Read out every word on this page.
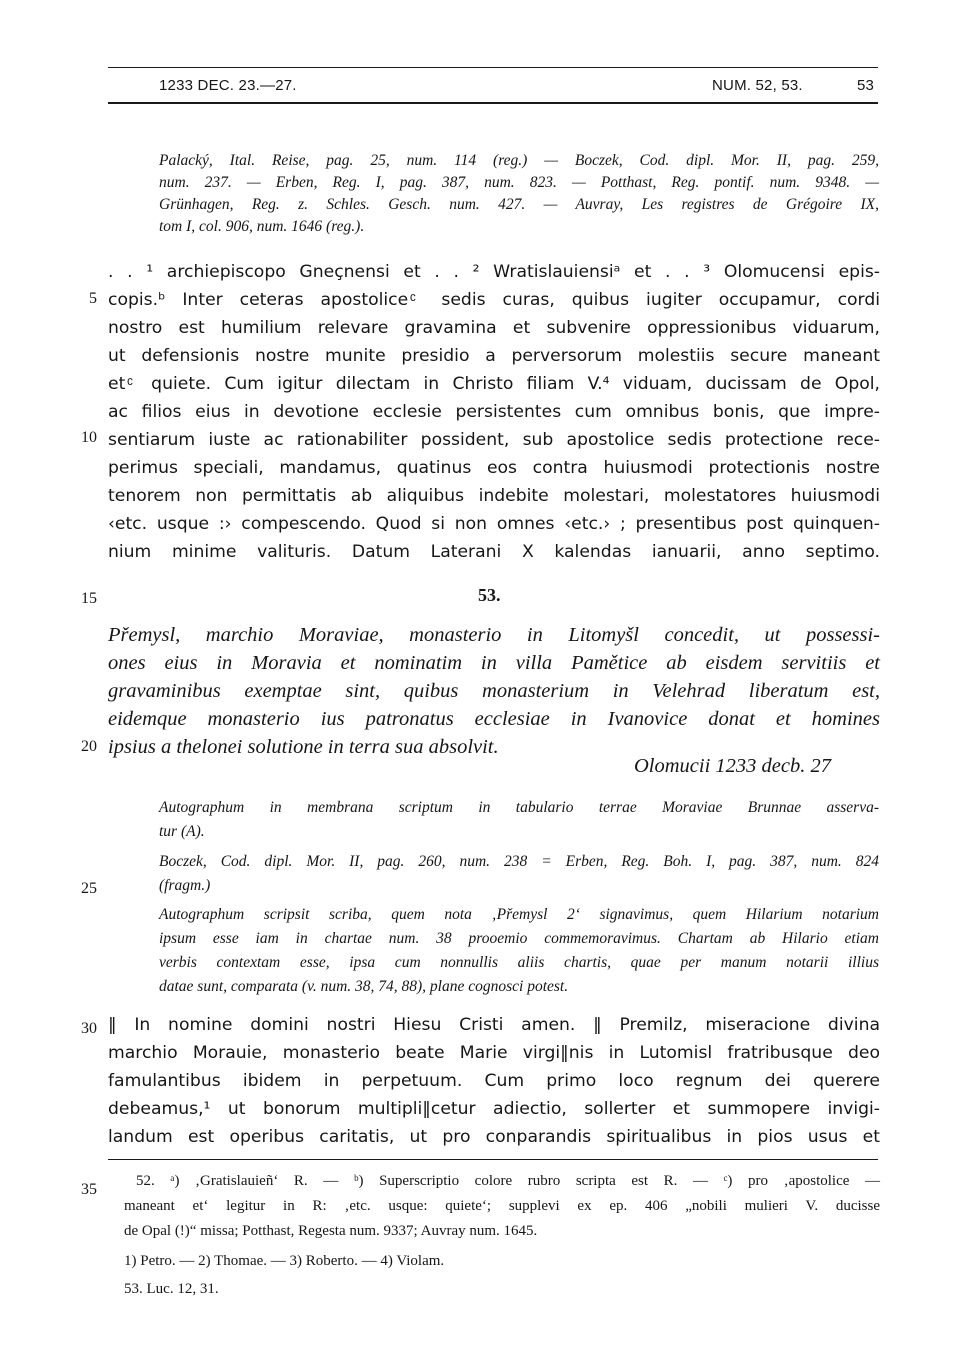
1233 DEC. 23.—27.	NUM. 52, 53.	53
Palacký, Ital. Reise, pag. 25, num. 114 (reg.) — Boczek, Cod. dipl. Mor. II, pag. 259,
num. 237. — Erben, Reg. I, pag. 387, num. 823. — Potthast, Reg. pontif. num. 9348. —
Grünhagen, Reg. z. Schles. Gesch. num. 427. — Auvray, Les registres de Grégoire IX,
tom I, col. 906, num. 1646 (reg.).
. . ¹ archiepiscopo Gneçnensi et . . ² Wratislauiensiᵃ et . . ³ Olomucensi epis-
copis.ᵇ Inter ceteras apostolice ͨ sedis curas, quibus iugiter occupamur, cordi
nostro est humilium relevare gravamina et subvenire oppressionibus viduarum,
ut defensionis nostre munite presidio a perversorum molestiis secure maneant
et ͨ quiete. Cum igitur dilectam in Christo filiam V.⁴ viduam, ducissam de Opol,
ac filios eius in devotione ecclesie persistentes cum omnibus bonis, que impre-
sentiarum iuste ac rationabiliter possident, sub apostolice sedis protectione rece-
perimus speciali, mandamus, quatinus eos contra huiusmodi protectionis nostre
tenorem non permittatis ab aliquibus indebite molestari, molestatores huiusmodi
‹etc. usque :› compescendo. Quod si non omnes ‹etc.› ; presentibus post quinquen-
nium minime valituris. Datum Laterani X kalendas ianuarii, anno septimo.
53.
Přemysl, marchio Moraviae, monasterio in Litomyšl concedit, ut possessi-
ones eius in Moravia et nominatim in villa Pamětice ab eisdem servitiis et
gravaminibus exemptae sint, quibus monasterium in Velehrad liberatum est,
eidemque monasterio ius patronatus ecclesiae in Ivanovice donat et homines
ipsius a thelonei solutione in terra sua absolvit.
Olomucii 1233 decb. 27
Autographum in membrana scriptum in tabulario terrae Moraviae Brunnae asserva-
tur (A).
Boczek, Cod. dipl. Mor. II, pag. 260, num. 238 = Erben, Reg. Boh. I, pag. 387, num. 824
(fragm.)
Autographum scripsit scriba, quem nota ‚Přemysl 2ʻ signavimus, quem Hilarium notarium
ipsum esse iam in chartae num. 38 prooemio commemoravimus. Chartam ab Hilario etiam
verbis contextam esse, ipsa cum nonnullis aliis chartis, quae per manum notarii illius
datae sunt, comparata (v. num. 38, 74, 88), plane cognosci potest.
‖ In nomine domini nostri Hiesu Cristi amen. ‖ Premilz, miseracione divina
marchio Morauie, monasterio beate Marie virgi‖nis in Lutomisl fratribusque deo
famulantibus ibidem in perpetuum. Cum primo loco regnum dei querere
debeamus,¹ ut bonorum multipli‖cetur adiectio, sollerter et summopere invigi-
landum est operibus caritatis, ut pro conparandis spiritualibus in pios usus et
52. ᵃ) ‚Gratislauieñʻ R. — ᵇ) Superscriptio colore rubro scripta est R. — ᶜ) pro ‚apostolice —
maneant etʻ legitur in R: ‚etc. usque: quieteʻ; supplevi ex ep. 406 „nobili mulieri V. ducisse
de Opal (!)“ missa; Potthast, Regesta num. 9337; Auvray num. 1645.
1) Petro. — 2) Thomae. — 3) Roberto. — 4) Violam.
53. Luc. 12, 31.
5
10
15
20
25
30
35
